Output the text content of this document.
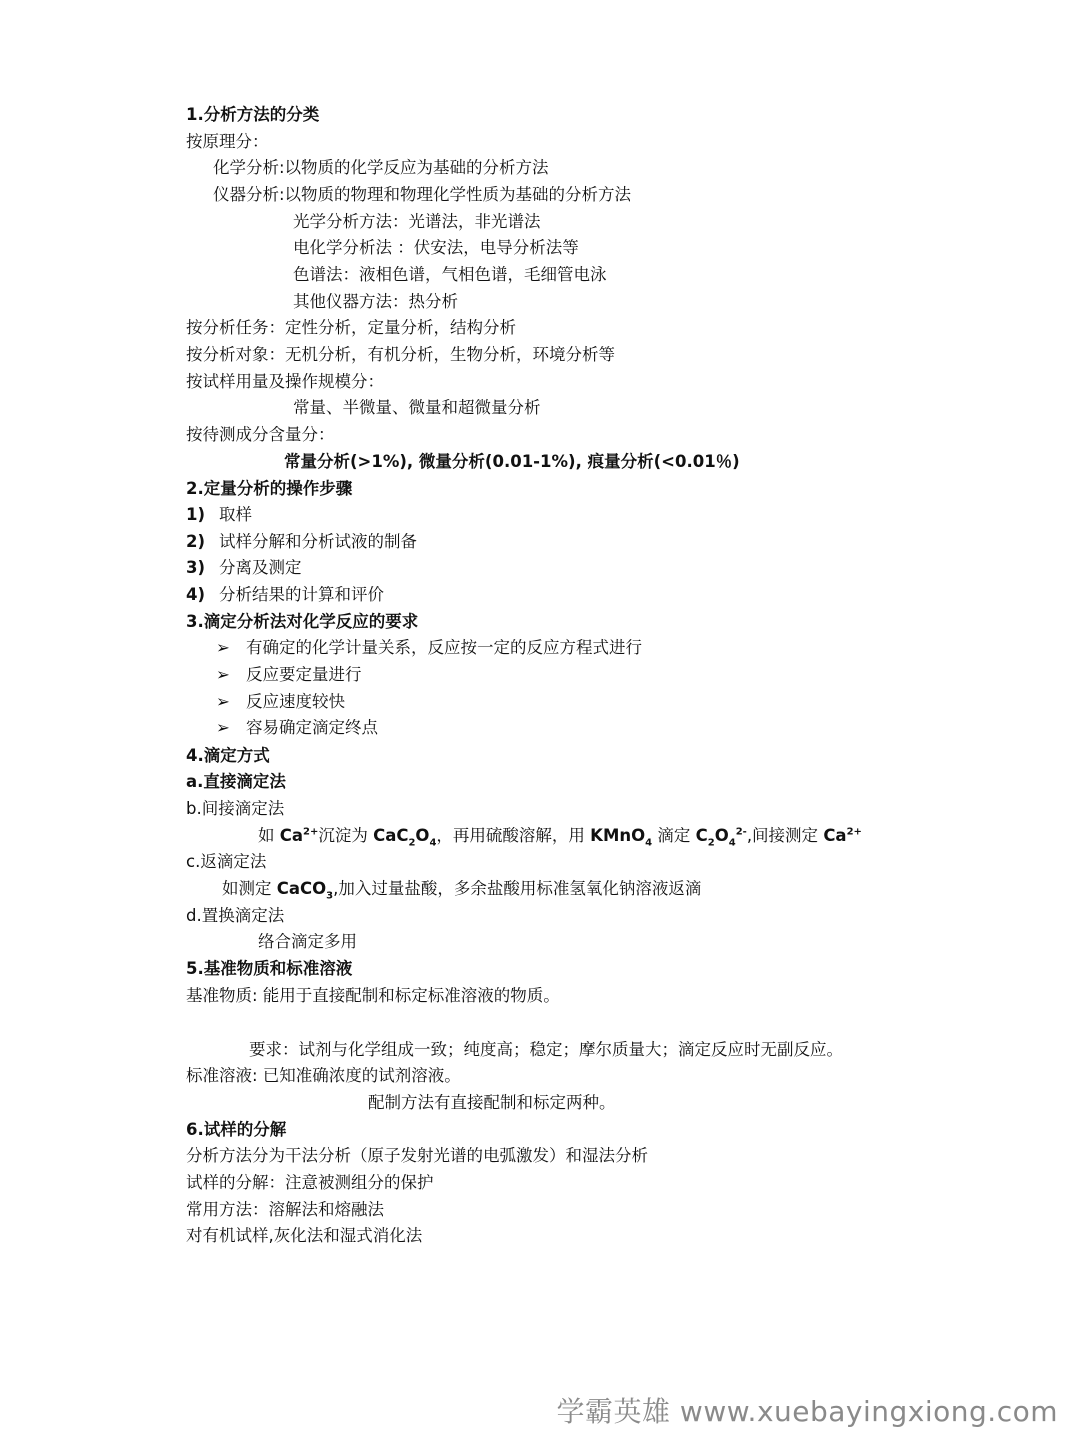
1.分析方法的分类
按原理分：
化学分析:以物质的化学反应为基础的分析方法
仪器分析:以物质的物理和物理化学性质为基础的分析方法
光学分析方法：光谱法，非光谱法
电化学分析法 ：伏安法，电导分析法等
色谱法：液相色谱，气相色谱，毛细管电泳
其他仪器方法：热分析
按分析任务：定性分析，定量分析，结构分析
按分析对象：无机分析，有机分析，生物分析，环境分析等
按试样用量及操作规模分：
常量、半微量、微量和超微量分析
按待测成分含量分：
常量分析(>1%), 微量分析(0.01-1%), 痕量分析(<0.01％)
2.定量分析的操作步骤
1) 取样
2) 试样分解和分析试液的制备
3) 分离及测定
4) 分析结果的计算和评价
3.滴定分析法对化学反应的要求
➢ 有确定的化学计量关系，反应按一定的反应方程式进行
➢ 反应要定量进行
➢ 反应速度较快
➢ 容易确定滴定终点
4.滴定方式
a.直接滴定法
b.间接滴定法
如 $Ca^{2+}$沉淀为 $CaC_2O_4$，再用硫酸溶解，用 KMnO$_4$ 滴定 $C_2O_4^{2-}$,间接测定 $Ca^{2+}$
c.返滴定法
如测定 CaCO$_3$,加入过量盐酸，多余盐酸用标准氢氧化钠溶液返滴
d.置换滴定法
络合滴定多用
5.基准物质和标准溶液
基准物质: 能用于直接配制和标定标准溶液的物质。
要求：试剂与化学组成一致；纯度高；稳定；摩尔质量大；滴定反应时无副反应。
标准溶液: 已知准确浓度的试剂溶液。
配制方法有直接配制和标定两种。
6.试样的分解
分析方法分为干法分析（原子发射光谱的电弧激发）和湿法分析
试样的分解：注意被测组分的保护
常用方法：溶解法和熔融法
对有机试样,灰化法和湿式消化法
学霸英雄 www.xuebayingxiong.com
